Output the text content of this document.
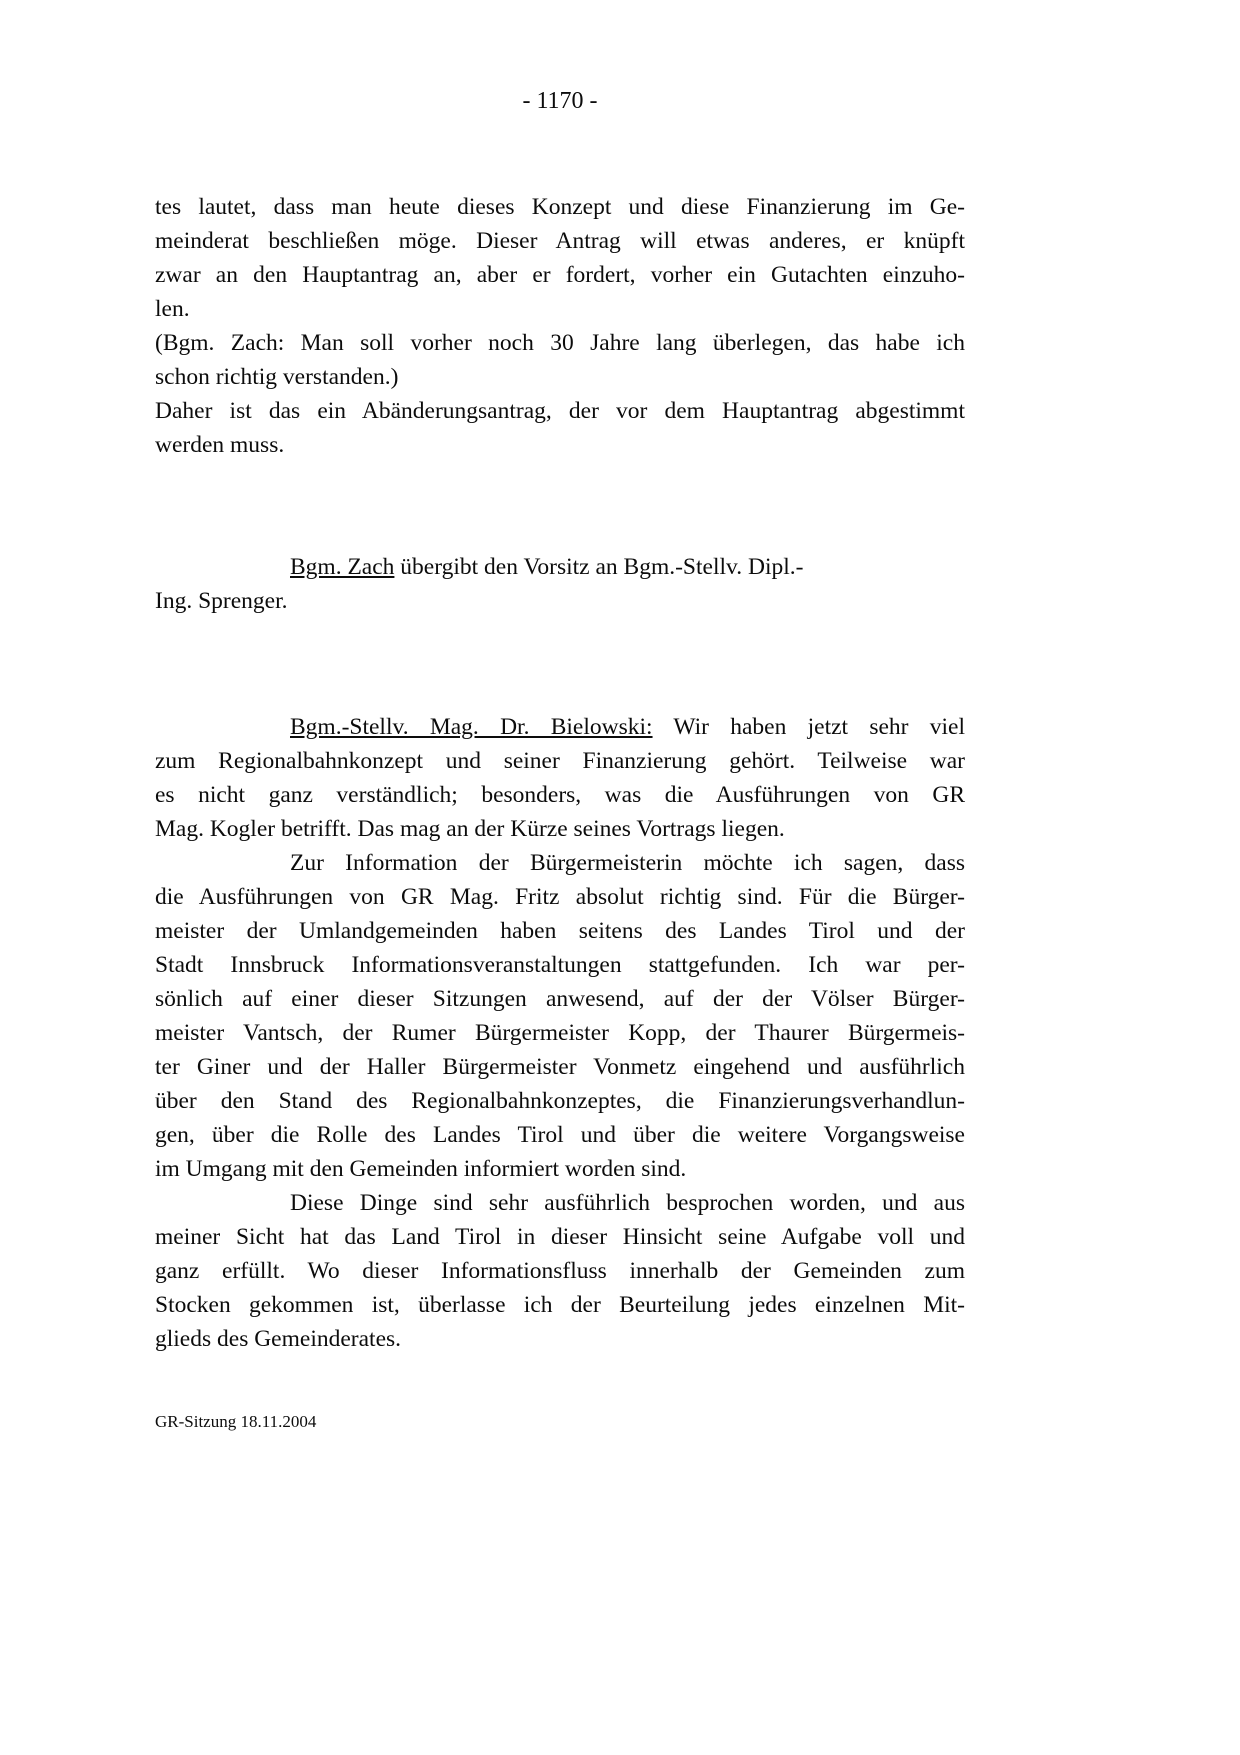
- 1170 -
tes lautet, dass man heute dieses Konzept und diese Finanzierung im Ge-
meinderat beschließen möge. Dieser Antrag will etwas anderes, er knüpft
zwar an den Hauptantrag an, aber er fordert, vorher ein Gutachten einzuho-
len.
(Bgm. Zach: Man soll vorher noch 30 Jahre lang überlegen, das habe ich
schon richtig verstanden.)
Daher ist das ein Abänderungsantrag, der vor dem Hauptantrag abgestimmt
werden muss.
Bgm. Zach übergibt den Vorsitz an Bgm.-Stellv. Dipl.-
Ing. Sprenger.
Bgm.-Stellv. Mag. Dr. Bielowski: Wir haben jetzt sehr viel
zum Regionalbahnkonzept und seiner Finanzierung gehört. Teilweise war
es nicht ganz verständlich; besonders, was die Ausführungen von GR
Mag. Kogler betrifft. Das mag an der Kürze seines Vortrags liegen.
Zur Information der Bürgermeisterin möchte ich sagen, dass
die Ausführungen von GR Mag. Fritz absolut richtig sind. Für die Bürger-
meister der Umlandgemeinden haben seitens des Landes Tirol und der
Stadt Innsbruck Informationsveranstaltungen stattgefunden. Ich war per-
sönlich auf einer dieser Sitzungen anwesend, auf der der Völser Bürger-
meister Vantsch, der Rumer Bürgermeister Kopp, der Thaurer Bürgermeis-
ter Giner und der Haller Bürgermeister Vonmetz eingehend und ausführlich
über den Stand des Regionalbahnkonzeptes, die Finanzierungsverhandlun-
gen, über die Rolle des Landes Tirol und über die weitere Vorgangsweise
im Umgang mit den Gemeinden informiert worden sind.
Diese Dinge sind sehr ausführlich besprochen worden, und aus
meiner Sicht hat das Land Tirol in dieser Hinsicht seine Aufgabe voll und
ganz erfüllt. Wo dieser Informationsfluss innerhalb der Gemeinden zum
Stocken gekommen ist, überlasse ich der Beurteilung jedes einzelnen Mit-
glieds des Gemeinderates.
GR-Sitzung 18.11.2004
